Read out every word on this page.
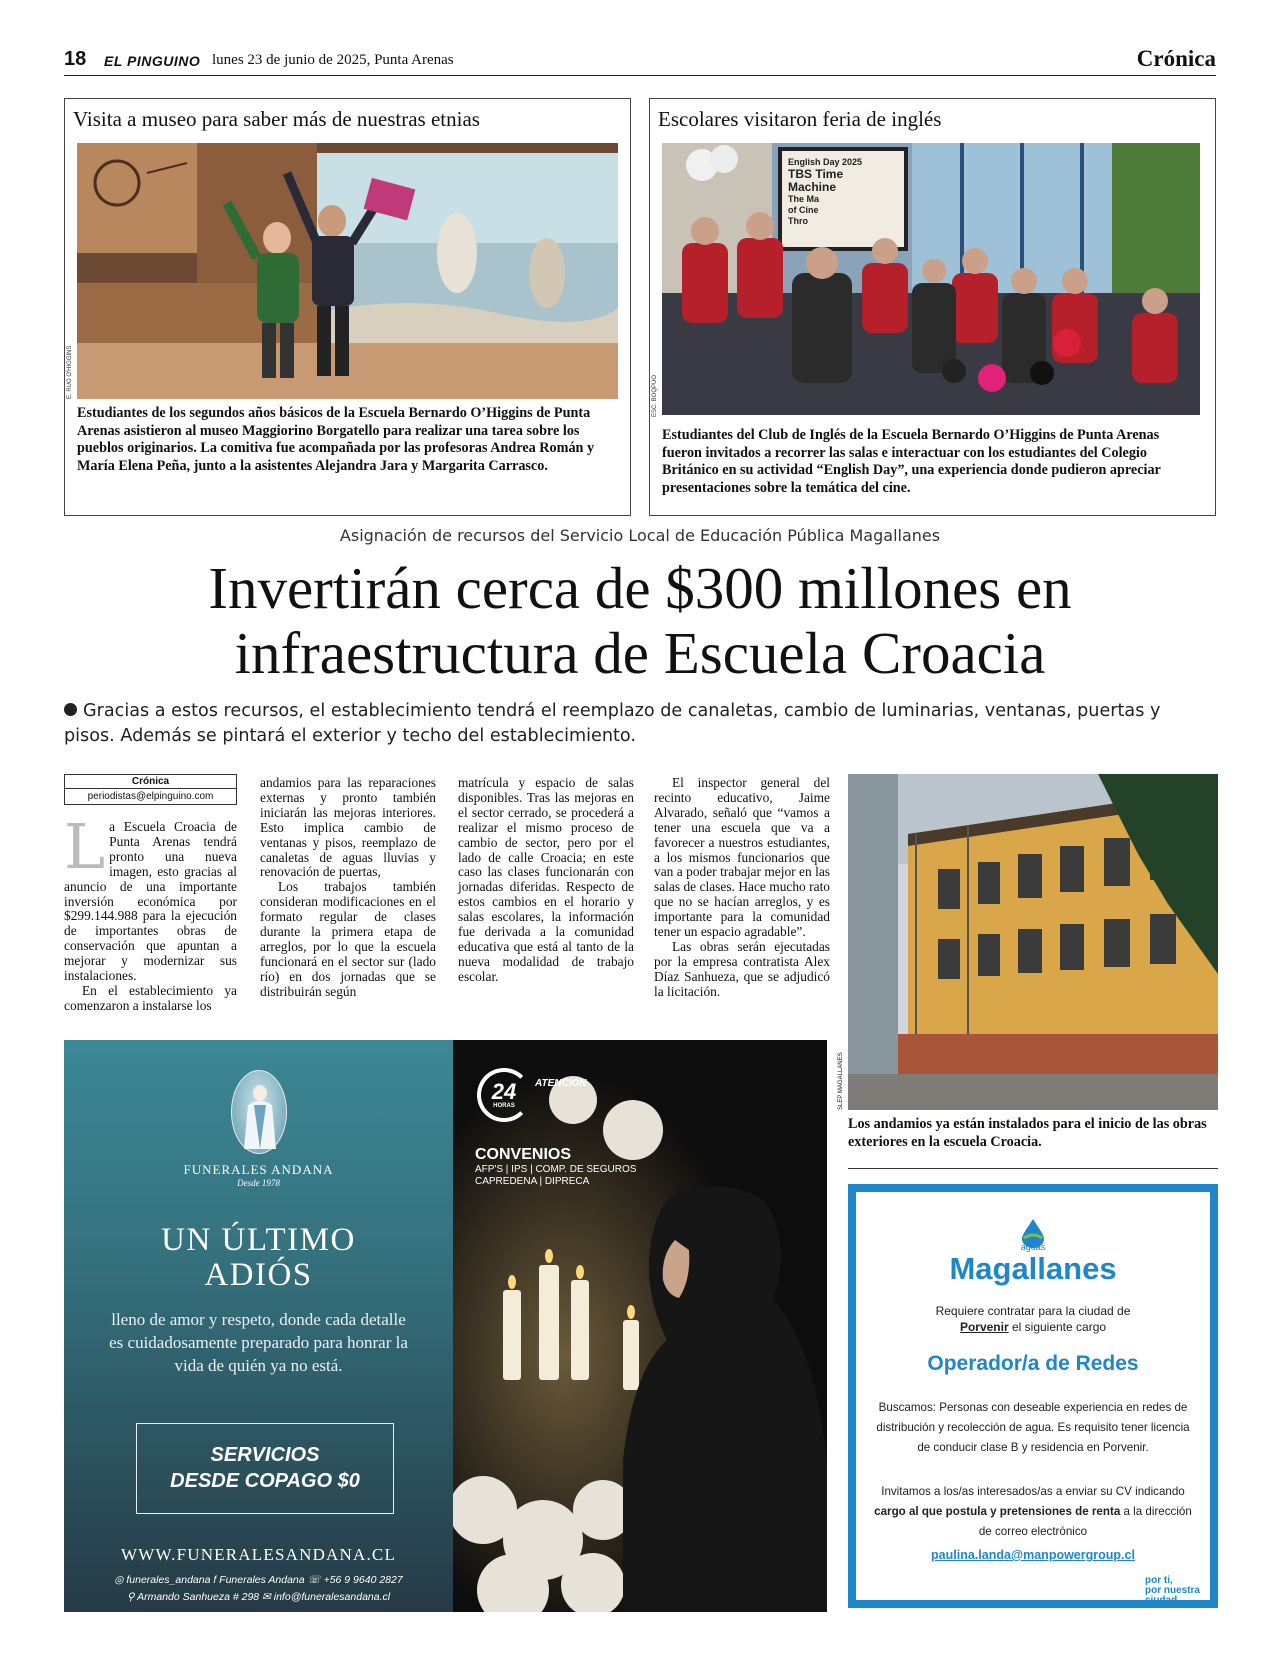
18 EL PINGUINO lunes 23 de junio de 2025, Punta Arenas	Crónica
Visita a museo para saber más de nuestras etnias
E. RUO O'HIGGINS
Estudiantes de los segundos años básicos de la Escuela Bernardo O’Higgins de Punta Arenas asistieron al museo Maggiorino Borgatello para realizar una tarea sobre los pueblos originarios. La comitiva fue acompañada por las profesoras Andrea Román y María Elena Peña, junto a la asistentes Alejandra Jara y Margarita Carrasco.
Escolares visitaron feria de inglés
English Day 2025
TBS Time
Machine
The Ma
of Cine
Thro
ESC. BOQPUO
Estudiantes del Club de Inglés de la Escuela Bernardo O’Higgins de Punta Arenas fueron invitados a recorrer las salas e interactuar con los estudiantes del Colegio Británico en su actividad “English Day”, una experiencia donde pudieron apreciar presentaciones sobre la temática del cine.
Asignación de recursos del Servicio Local de Educación Pública Magallanes
Invertirán cerca de $300 millones en
infraestructura de Escuela Croacia
Gracias a estos recursos, el establecimiento tendrá el reemplazo de canaletas, cambio de luminarias, ventanas, puertas y pisos. Además se pintará el exterior y techo del establecimiento.
Crónica
periodistas@elpinguino.com

La Escuela Croacia de Punta Arenas tendrá pronto una nueva imagen, esto gracias al anuncio de una importante inversión económica por $299.144.988 para la ejecución de importantes obras de conservación que apuntan a mejorar y modernizar sus instalaciones.

En el establecimiento ya comenzaron a instalarse los

andamios para las reparaciones externas y pronto también iniciarán las mejoras interiores. Esto implica cambio de ventanas y pisos, reemplazo de canaletas de aguas lluvias y renovación de puertas,

Los trabajos también consideran modificaciones en el formato regular de clases durante la primera etapa de arreglos, por lo que la escuela funcionará en el sector sur (lado río) en dos jornadas que se distribuirán según

matrícula y espacio de salas disponibles. Tras las mejoras en el sector cerrado, se procederá a realizar el mismo proceso de cambio de sector, pero por el lado de calle Croacia; en este caso las clases funcionarán con jornadas diferidas. Respecto de estos cambios en el horario y salas escolares, la información fue derivada a la comunidad educativa que está al tanto de la nueva modalidad de trabajo escolar.

El inspector general del recinto educativo, Jaime Alvarado, señaló que “vamos a tener una escuela que va a favorecer a nuestros estudiantes, a los mismos funcionarios que van a poder trabajar mejor en las salas de clases. Hace mucho rato que no se hacían arreglos, y es importante para la comunidad tener un espacio agradable”.

Las obras serán ejecutadas por la empresa contratista Alex Díaz Sanhueza, que se adjudicó la licitación.

SLEP MAGALLANES
Los andamios ya están instalados para el inicio de las obras exteriores en la escuela Croacia.
FUNERALES ANDANA
Desde 1978
UN ÚLTIMO
ADIÓS
lleno de amor y respeto, donde cada detalle es cuidadosamente preparado para honrar la vida de quién ya no está.
SERVICIOS
DESDE COPAGO $0
WWW.FUNERALESANDANA.CL
◎ funerales_andana f Funerales Andana ☏ +56 9 9640 2827
⚲ Armando Sanhueza # 298 ✉ info@funeralesandana.cl
24
HORAS
ATENCIÓN
CONVENIOS
AFP'S | IPS | COMP. DE SEGUROS
CAPREDENA | DIPRECA
aguas
Magallanes
Requiere contratar para la ciudad de
Porvenir el siguiente cargo
Operador/a de Redes
Buscamos: Personas con deseable experiencia en redes de distribución y recolección de agua. Es requisito tener licencia de conducir clase B y residencia en Porvenir.
Invitamos a los/as interesados/as a enviar su CV indicando cargo al que postula y pretensiones de renta a la dirección de correo electrónico
paulina.landa@manpowergroup.cl
por ti,
por nuestra
ciudad
